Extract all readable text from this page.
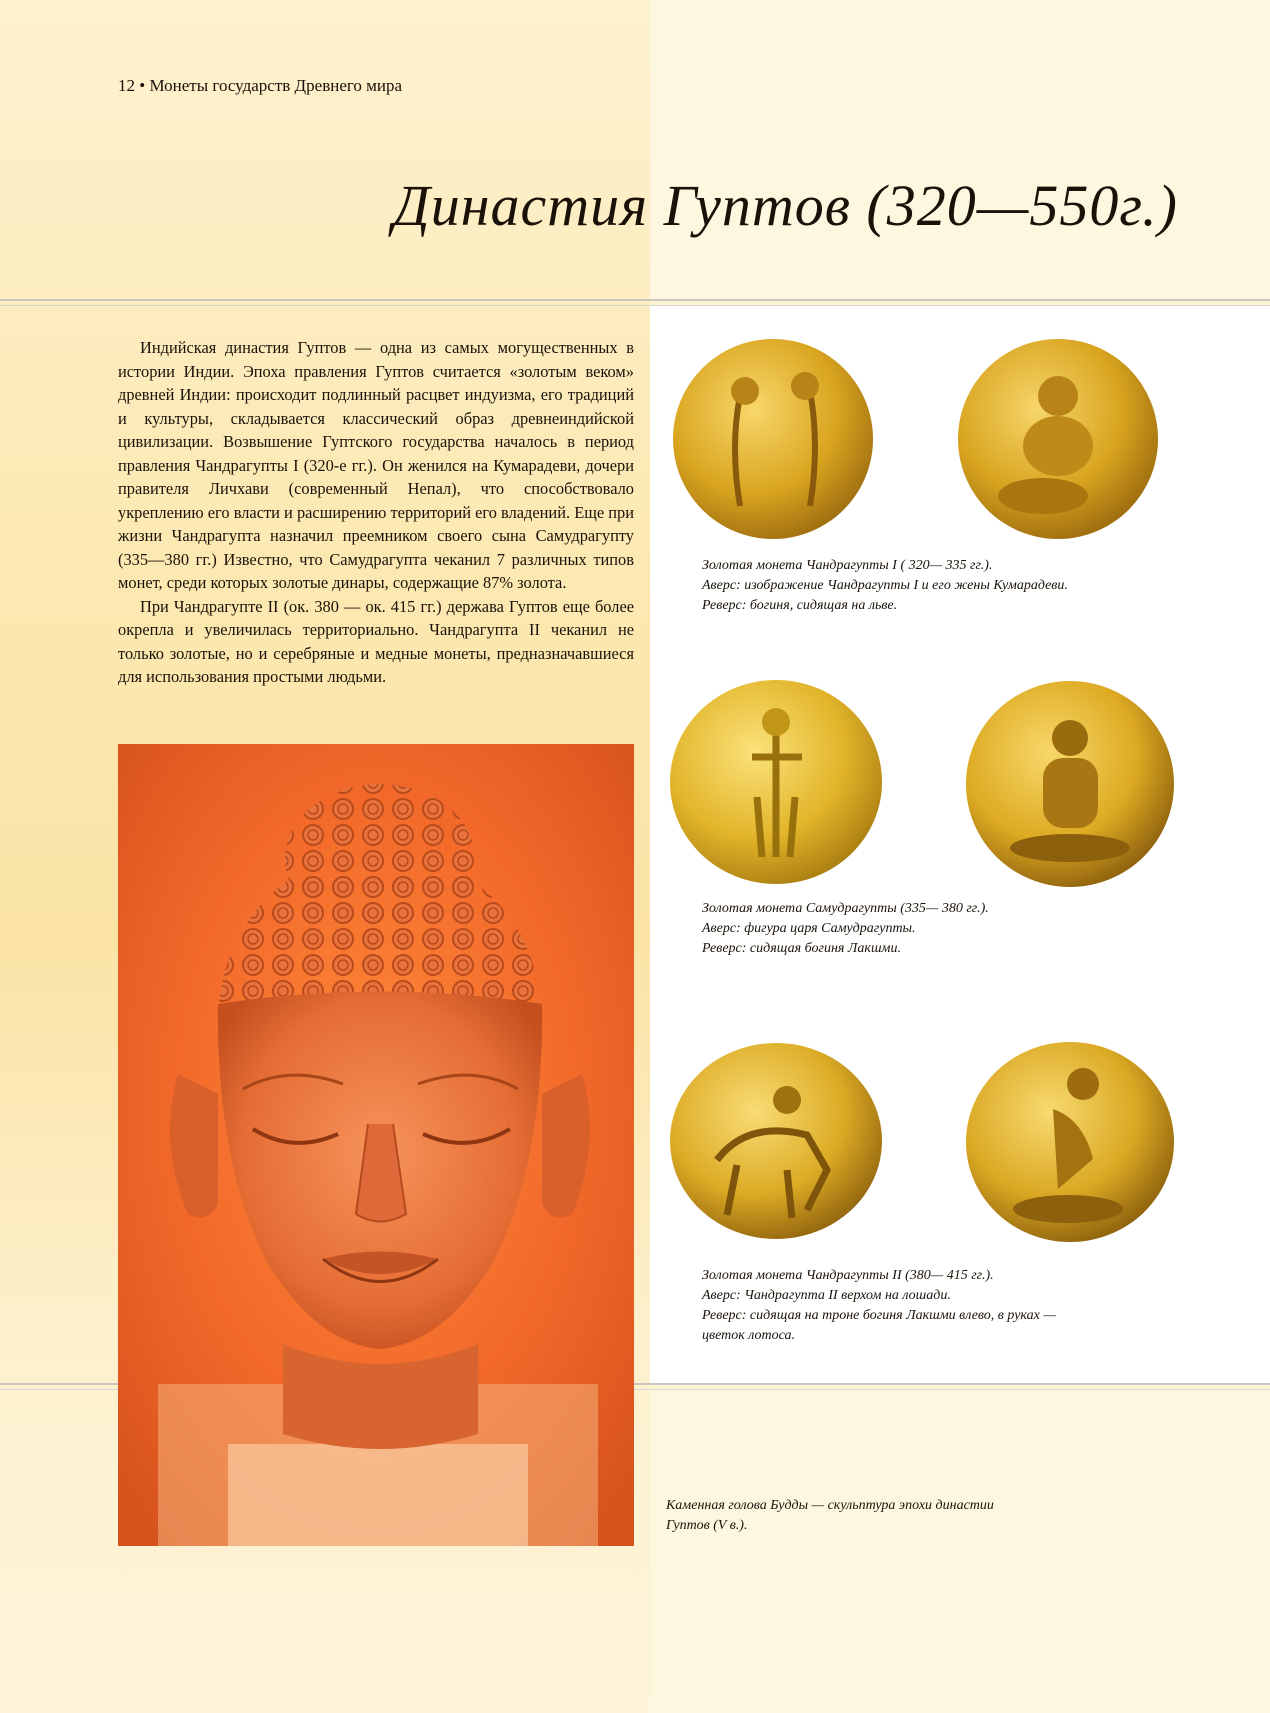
12 • Монеты государств Древнего мира
Династия Гуптов (320—550г.)

Индийская династия Гуптов — одна из самых могущественных в истории Индии. Эпоха правления Гуптов считается «золотым веком» древней Индии: происходит подлинный расцвет индуизма, его традиций и культуры, складывается классический образ древнеиндийской цивилизации. Возвышение Гуптского государства началось в период правления Чандрагупты I (320-е гг.). Он женился на Кумарадеви, дочери правителя Личхави (современный Непал), что способствовало укреплению его власти и расширению территорий его владений. Еще при жизни Чандрагупта назначил преемником своего сына Самудрагупту (335—380 гг.) Известно, что Самудрагупта чеканил 7 различных типов монет, среди которых золотые динары, содержащие 87% золота.

При Чандрагупте II (ок. 380 — ок. 415 гг.) держава Гуптов еще более окрепла и увеличилась территориально. Чандрагупта II чеканил не только золотые, но и серебряные и медные монеты, предназначавшиеся для использования простыми людьми.

Золотая монета Чандрагупты I ( 320— 335 гг.).
Аверс: изображение Чандрагупты I и его жены Кумарадеви.
Реверс: богиня, сидящая на льве.
Золотая монета Самудрагупты (335— 380 гг.).
Аверс: фигура царя Самудрагупты.
Реверс: сидящая богиня Лакшми.
Золотая монета Чандрагупты II (380— 415 гг.).
Аверс: Чандрагупта II верхом на лошади.
Реверс: сидящая на троне богиня Лакшми влево, в руках —
цветок лотоса.
Каменная голова Будды — скульптура эпохи династии
Гуптов (V в.).
